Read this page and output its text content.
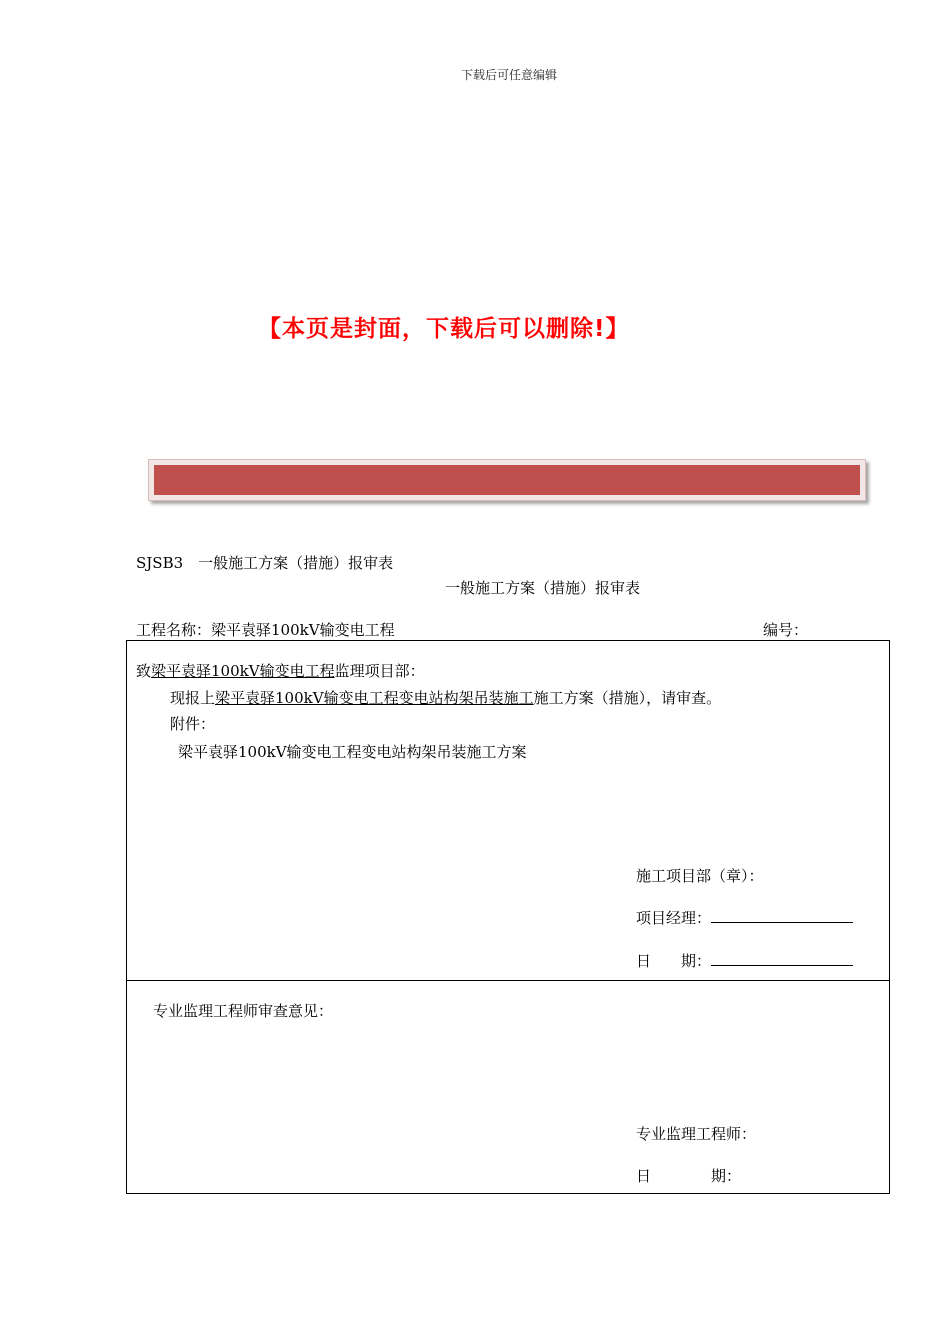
下载后可任意编辑
【本页是封面，下载后可以删除!】
SJSB3　一般施工方案（措施）报审表
一般施工方案（措施）报审表
工程名称：梁平袁驿100kV输变电工程	编号：
致梁平袁驿100kV输变电工程监理项目部：
现报上梁平袁驿100kV输变电工程变电站构架吊装施工施工方案（措施），请审查。
附件：
梁平袁驿100kV输变电工程变电站构架吊装施工方案
施工项目部（章）：
项目经理：
日　　期：
专业监理工程师审查意见：
专业监理工程师：
日　　　　期：
